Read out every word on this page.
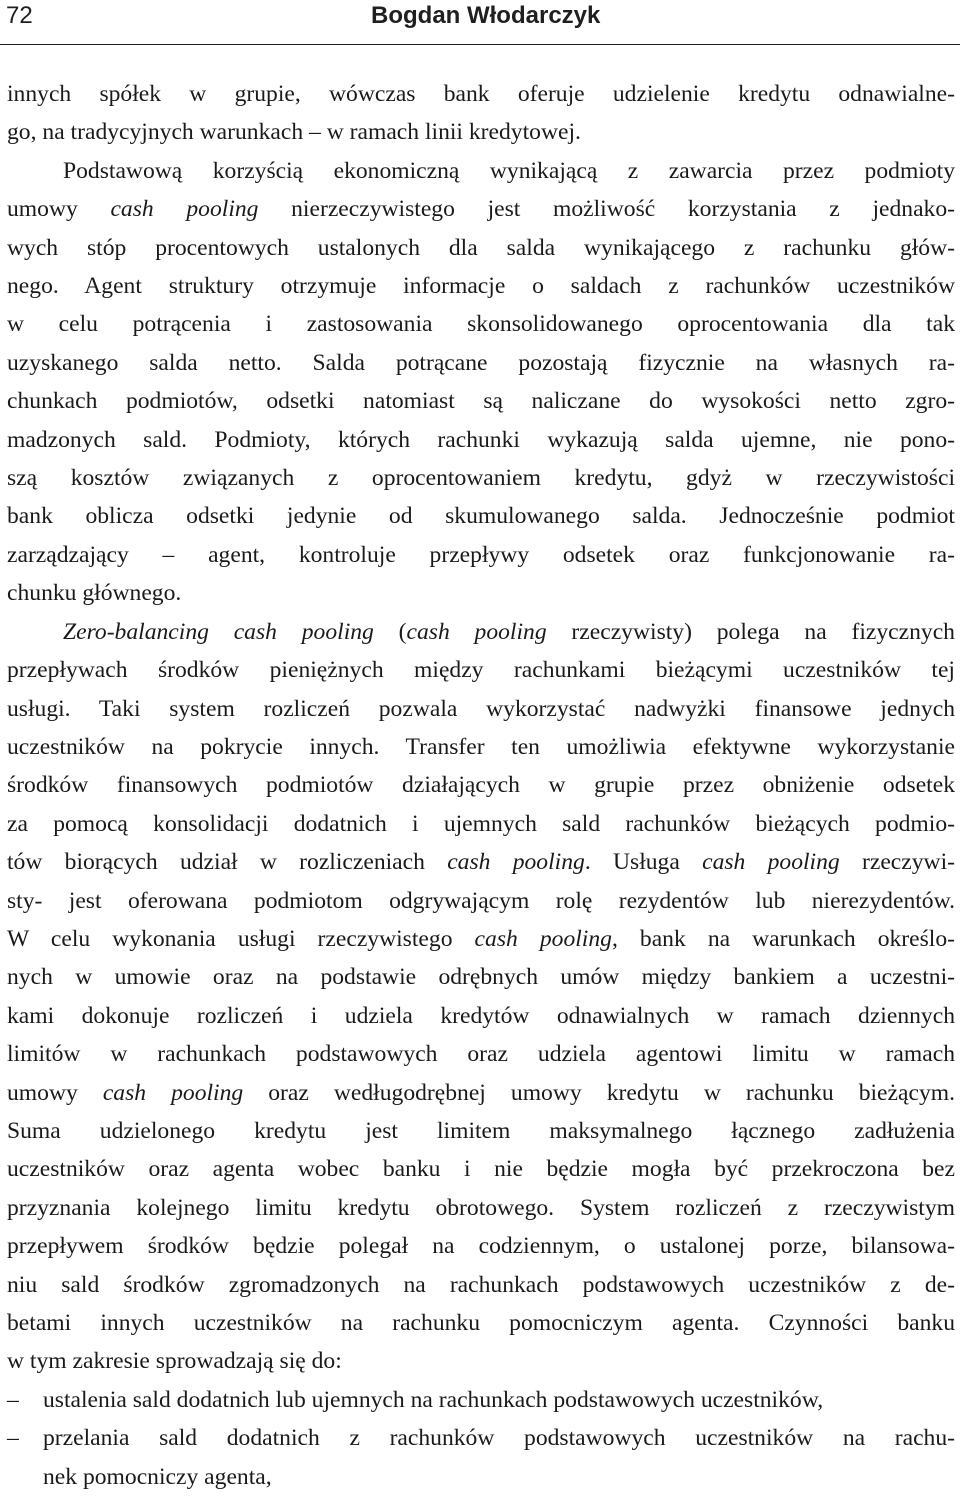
72	Bogdan Włodarczyk
innych spółek w grupie, wówczas bank oferuje udzielenie kredytu odnawialne-
go, na tradycyjnych warunkach – w ramach linii kredytowej.
Podstawową korzyścią ekonomiczną wynikającą z zawarcia przez podmioty
umowy cash pooling nierzeczywistego jest możliwość korzystania z jednako-
wych stóp procentowych ustalonych dla salda wynikającego z rachunku głów-
nego. Agent struktury otrzymuje informacje o saldach z rachunków uczestników
w celu potrącenia i zastosowania skonsolidowanego oprocentowania dla tak
uzyskanego salda netto. Salda potrącane pozostają fizycznie na własnych ra-
chunkach podmiotów, odsetki natomiast są naliczane do wysokości netto zgro-
madzonych sald. Podmioty, których rachunki wykazują salda ujemne, nie pono-
szą kosztów związanych z oprocentowaniem kredytu, gdyż w rzeczywistości
bank oblicza odsetki jedynie od skumulowanego salda. Jednocześnie podmiot
zarządzający – agent, kontroluje przepływy odsetek oraz funkcjonowanie ra-
chunku głównego.
Zero-balancing cash pooling (cash pooling rzeczywisty) polega na fizycznych
przepływach środków pieniężnych między rachunkami bieżącymi uczestników tej
usługi. Taki system rozliczeń pozwala wykorzystać nadwyżki finansowe jednych
uczestników na pokrycie innych. Transfer ten umożliwia efektywne wykorzystanie
środków finansowych podmiotów działających w grupie przez obniżenie odsetek
za pomocą konsolidacji dodatnich i ujemnych sald rachunków bieżących podmio-
tów biorących udział w rozliczeniach cash pooling. Usługa cash pooling rzeczywi-
sty- jest oferowana podmiotom odgrywającym rolę rezydentów lub nierezydentów.
W celu wykonania usługi rzeczywistego cash pooling, bank na warunkach określo-
nych w umowie oraz na podstawie odrębnych umów między bankiem a uczestni-
kami dokonuje rozliczeń i udziela kredytów odnawialnych w ramach dziennych
limitów w rachunkach podstawowych oraz udziela agentowi limitu w ramach
umowy cash pooling oraz wedługodrębnej umowy kredytu w rachunku bieżącym.
Suma udzielonego kredytu jest limitem maksymalnego łącznego zadłużenia
uczestników oraz agenta wobec banku i nie będzie mogła być przekroczona bez
przyznania kolejnego limitu kredytu obrotowego. System rozliczeń z rzeczywistym
przepływem środków będzie polegał na codziennym, o ustalonej porze, bilansowa-
niu sald środków zgromadzonych na rachunkach podstawowych uczestników z de-
betami innych uczestników na rachunku pomocniczym agenta. Czynności banku
w tym zakresie sprowadzają się do:
– ustalenia sald dodatnich lub ujemnych na rachunkach podstawowych uczestników,
– przelania sald dodatnich z rachunków podstawowych uczestników na rachu-
nek pomocniczy agenta,
